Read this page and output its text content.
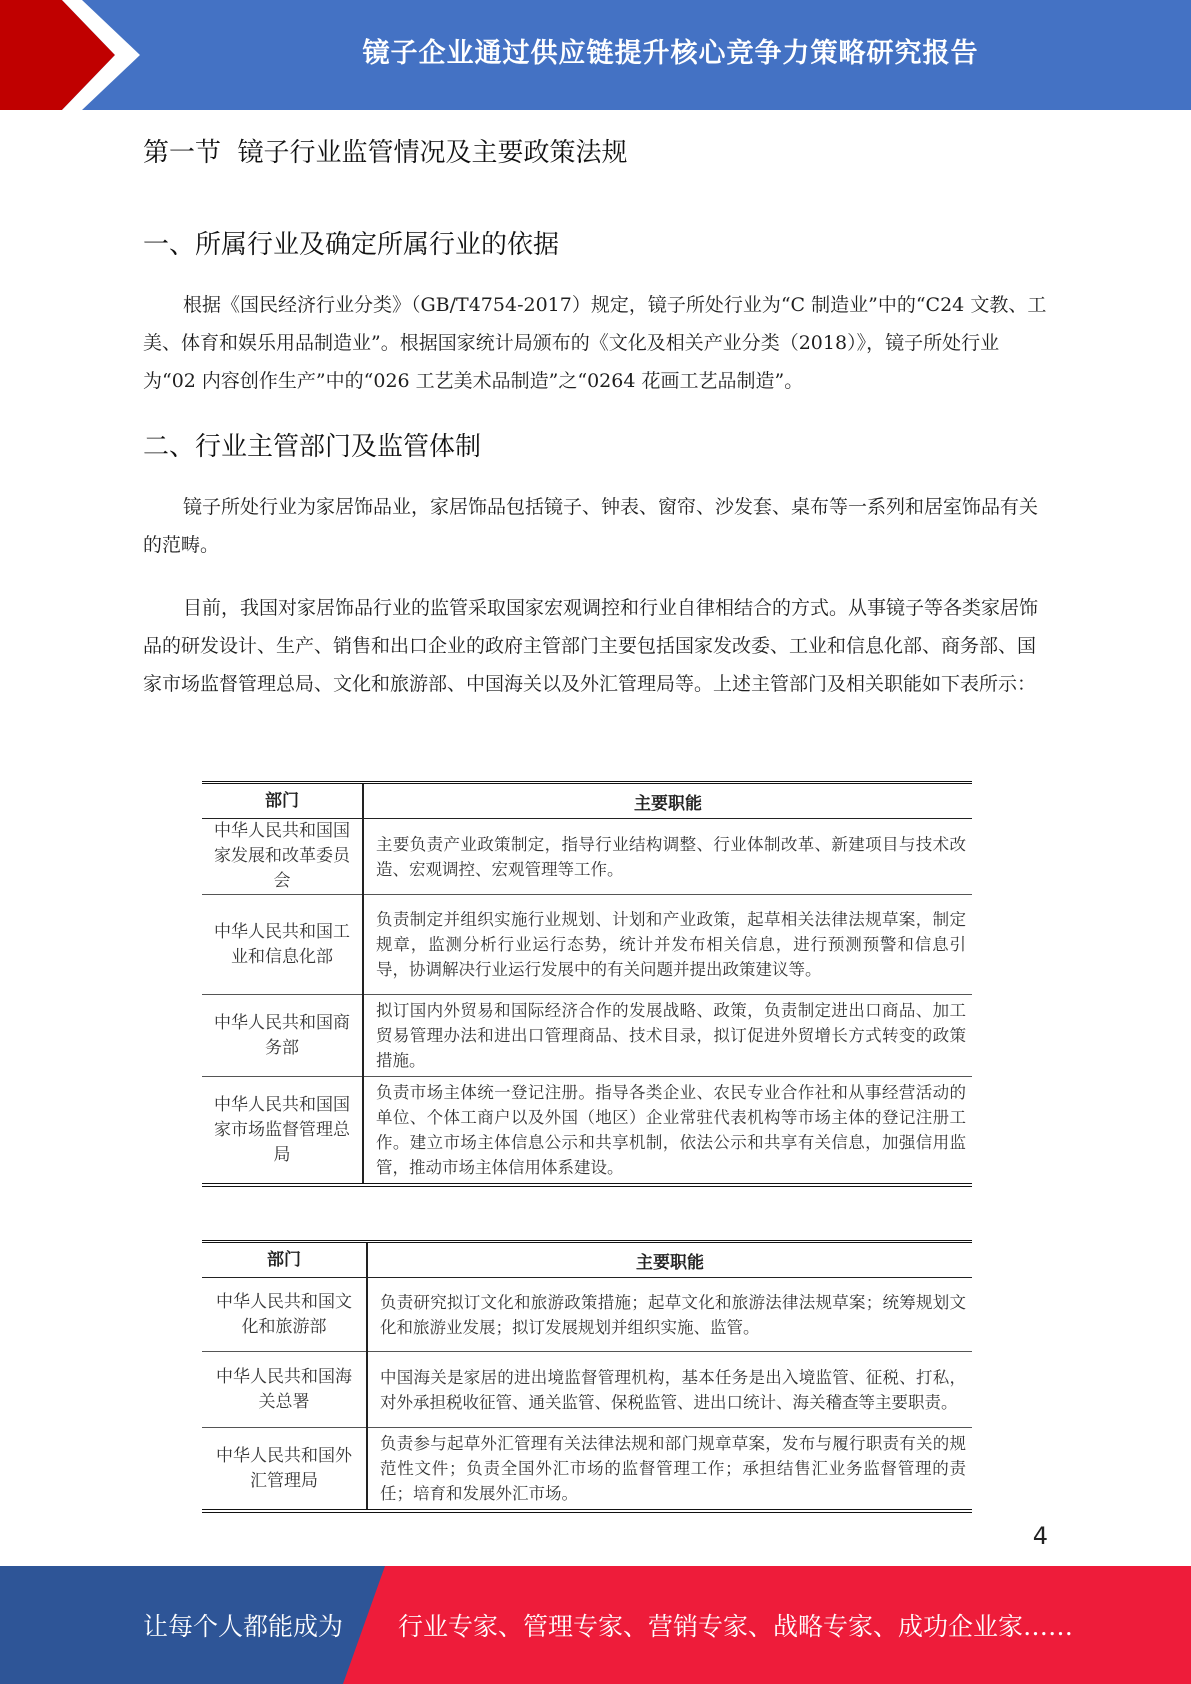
镜子企业通过供应链提升核心竞争力策略研究报告
第一节  镜子行业监管情况及主要政策法规
一、所属行业及确定所属行业的依据

根据《国民经济行业分类》（GB/T4754-2017）规定，镜子所处行业为“C 制造业”中的“C24 文教、工美、体育和娱乐用品制造业”。根据国家统计局颁布的《文化及相关产业分类（2018）》，镜子所处行业为“02 内容创作生产”中的“026 工艺美术品制造”之“0264 花画工艺品制造”。

二、行业主管部门及监管体制

镜子所处行业为家居饰品业，家居饰品包括镜子、钟表、窗帘、沙发套、桌布等一系列和居室饰品有关的范畴。

目前，我国对家居饰品行业的监管采取国家宏观调控和行业自律相结合的方式。从事镜子等各类家居饰品的研发设计、生产、销售和出口企业的政府主管部门主要包括国家发改委、工业和信息化部、商务部、国家市场监督管理总局、文化和旅游部、中国海关以及外汇管理局等。上述主管部门及相关职能如下表所示：

部门	主要职能
中华人民共和国国家发展和改革委员会	主要负责产业政策制定，指导行业结构调整、行业体制改革、新建项目与技术改造、宏观调控、宏观管理等工作。
中华人民共和国工业和信息化部	负责制定并组织实施行业规划、计划和产业政策，起草相关法律法规草案，制定规章，监测分析行业运行态势，统计并发布相关信息，进行预测预警和信息引导，协调解决行业运行发展中的有关问题并提出政策建议等。
中华人民共和国商务部	拟订国内外贸易和国际经济合作的发展战略、政策，负责制定进出口商品、加工贸易管理办法和进出口管理商品、技术目录，拟订促进外贸增长方式转变的政策措施。
中华人民共和国国家市场监督管理总局	负责市场主体统一登记注册。指导各类企业、农民专业合作社和从事经营活动的单位、个体工商户以及外国（地区）企业常驻代表机构等市场主体的登记注册工作。建立市场主体信息公示和共享机制，依法公示和共享有关信息，加强信用监管，推动市场主体信用体系建设。
部门	主要职能
中华人民共和国文化和旅游部	负责研究拟订文化和旅游政策措施；起草文化和旅游法律法规草案；统筹规划文化和旅游业发展；拟订发展规划并组织实施、监管。
中华人民共和国海关总署	中国海关是家居的进出境监督管理机构，基本任务是出入境监管、征税、打私，对外承担税收征管、通关监管、保税监管、进出口统计、海关稽查等主要职责。
中华人民共和国外汇管理局	负责参与起草外汇管理有关法律法规和部门规章草案，发布与履行职责有关的规范性文件；负责全国外汇市场的监督管理工作；承担结售汇业务监督管理的责任；培育和发展外汇市场。
4
让每个人都能成为 行业专家、管理专家、营销专家、战略专家、成功企业家……
